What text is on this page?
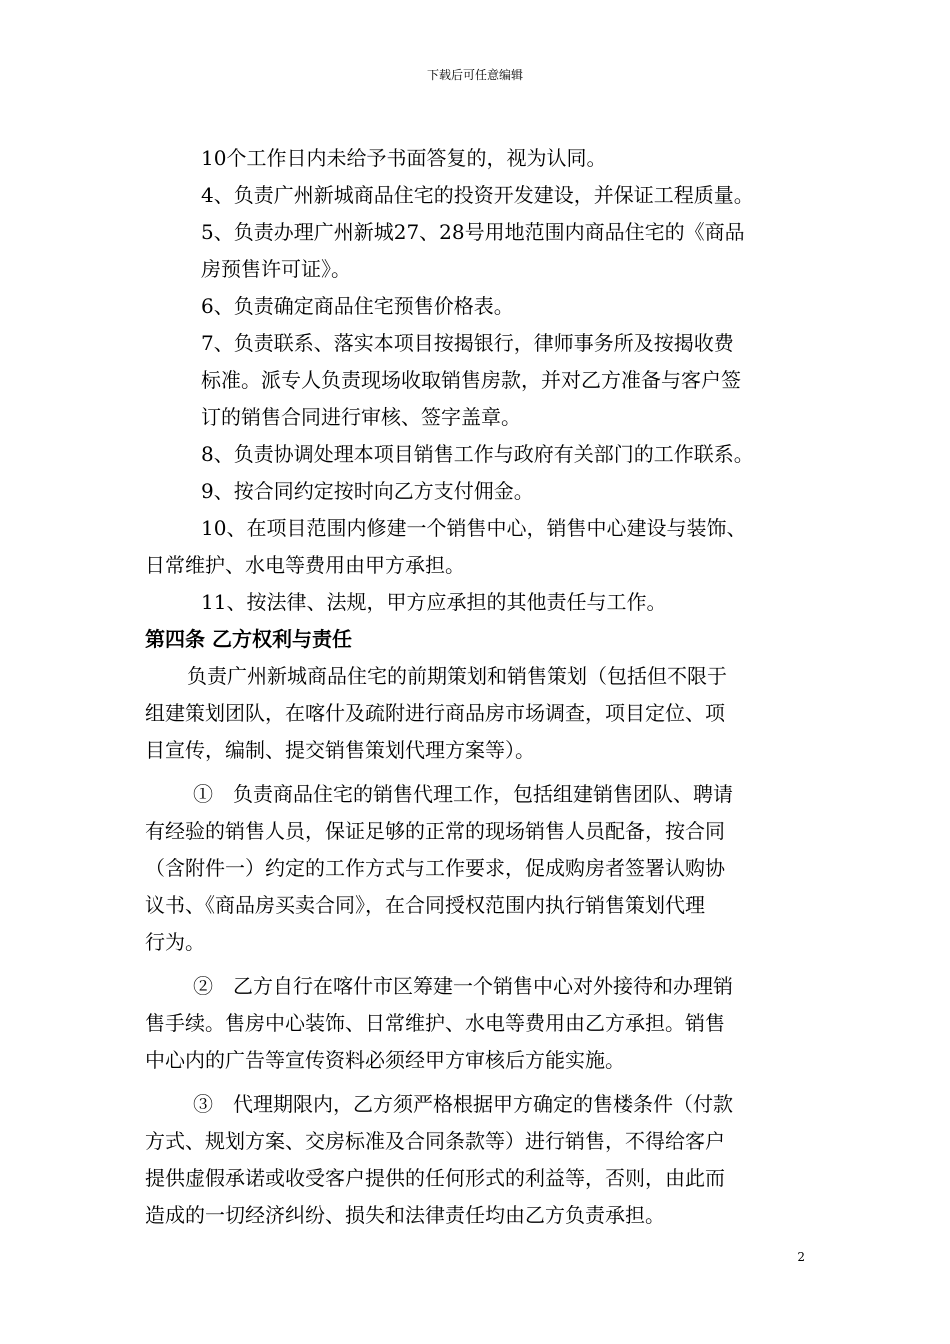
下载后可任意编辑
10个工作日内未给予书面答复的，视为认同。
4、负责广州新城商品住宅的投资开发建设，并保证工程质量。
5、负责办理广州新城27、28号用地范围内商品住宅的《商品
房预售许可证》。
6、负责确定商品住宅预售价格表。
7、负责联系、落实本项目按揭银行，律师事务所及按揭收费
标准。派专人负责现场收取销售房款，并对乙方准备与客户签
订的销售合同进行审核、签字盖章。
8、负责协调处理本项目销售工作与政府有关部门的工作联系。
9、按合同约定按时向乙方支付佣金。
10、在项目范围内修建一个销售中心，销售中心建设与装饰、
日常维护、水电等费用由甲方承担。
11、按法律、法规，甲方应承担的其他责任与工作。
第四条 乙方权利与责任
负责广州新城商品住宅的前期策划和销售策划（包括但不限于
组建策划团队，在喀什及疏附进行商品房市场调查，项目定位、项
目宣传，编制、提交销售策划代理方案等）。
①　负责商品住宅的销售代理工作，包括组建销售团队、聘请
有经验的销售人员，保证足够的正常的现场销售人员配备，按合同
（含附件一）约定的工作方式与工作要求，促成购房者签署认购协
议书、《商品房买卖合同》，在合同授权范围内执行销售策划代理
行为。
②　乙方自行在喀什市区筹建一个销售中心对外接待和办理销
售手续。售房中心装饰、日常维护、水电等费用由乙方承担。销售
中心内的广告等宣传资料必须经甲方审核后方能实施。
③　代理期限内，乙方须严格根据甲方确定的售楼条件（付款
方式、规划方案、交房标准及合同条款等）进行销售，不得给客户
提供虚假承诺或收受客户提供的任何形式的利益等，否则，由此而
造成的一切经济纠纷、损失和法律责任均由乙方负责承担。
2
